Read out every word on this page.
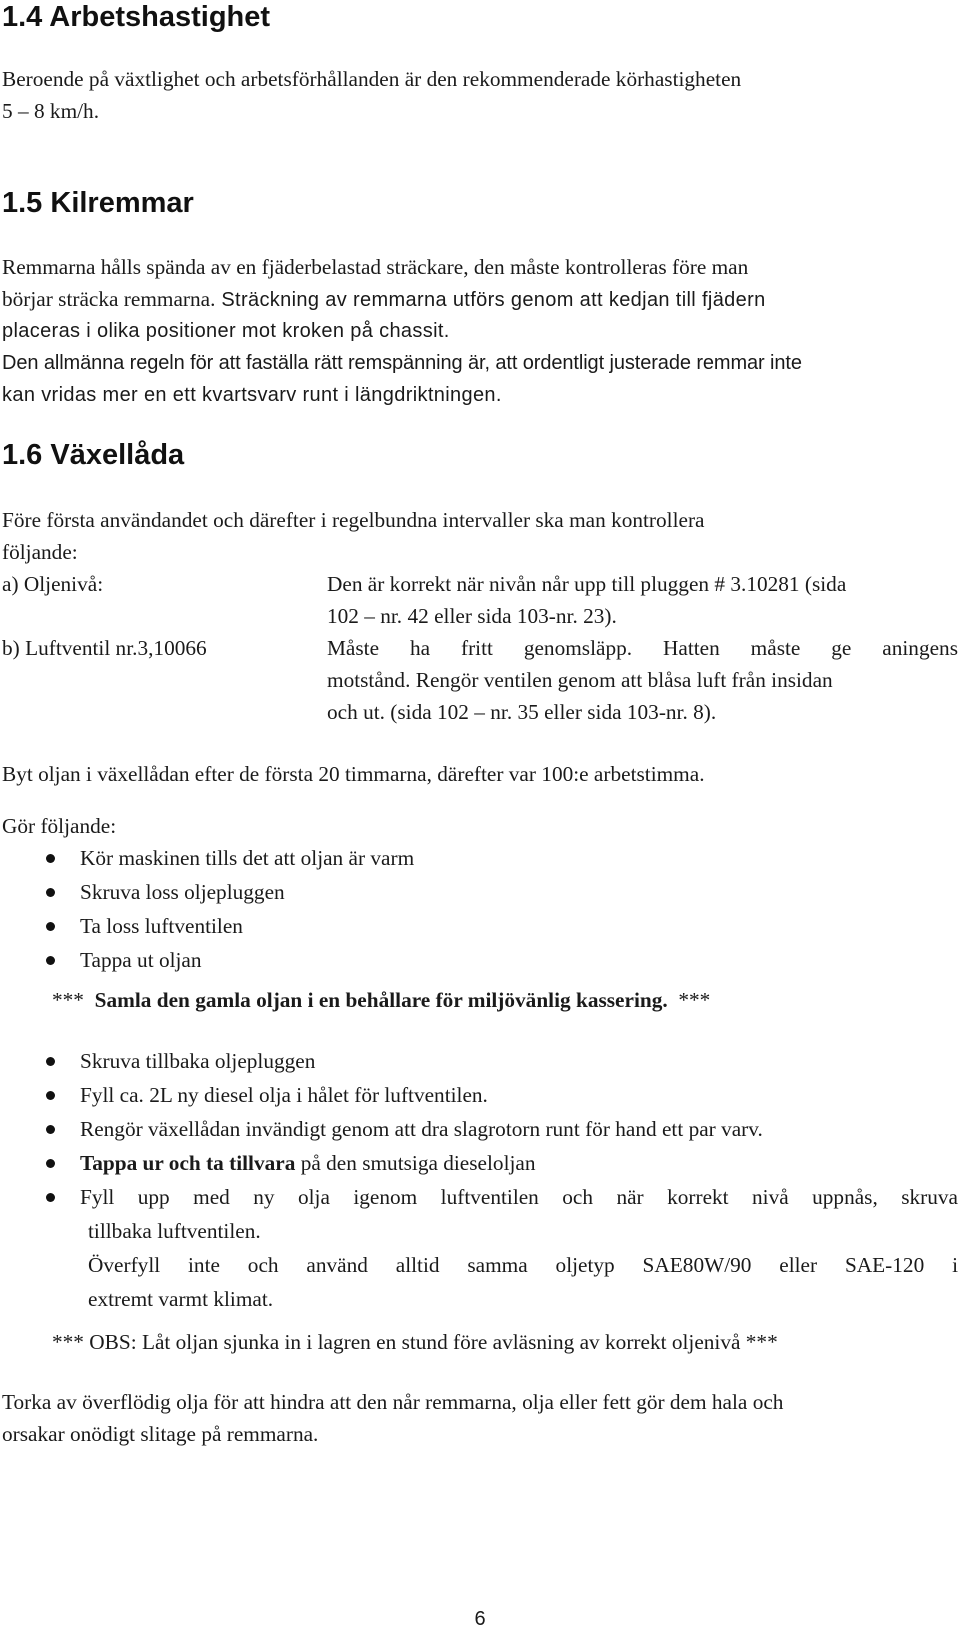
1.4 Arbetshastighet

Beroende på växtlighet och arbetsförhållanden är den rekommenderade körhastigheten

5 – 8 km/h.

1.5 Kilremmar

Remmarna hålls spända av en fjäderbelastad sträckare, den måste kontrolleras före man

börjar sträcka remmarna. Sträckning av remmarna utförs genom att kedjan till fjädern

placeras i olika positioner mot kroken på chassit.

Den allmänna regeln för att faställa rätt remspänning är, att ordentligt justerade remmar inte

kan vridas mer en ett kvartsvarv runt i längdriktningen.

1.6 Växellåda

Före första användandet och därefter i regelbundna intervaller ska man kontrollera

följande:

a) Oljenivå:	Den är korrekt när nivån når upp till pluggen # 3.10281 (sida

102 – nr. 42 eller sida 103-nr. 23).

b) Luftventil nr.3,10066	Måste ha fritt genomsläpp. Hatten måste ge aningens

motstånd. Rengör ventilen genom att blåsa luft från insidan

och ut. (sida 102 – nr. 35 eller sida 103-nr. 8).

Byt oljan i växellådan efter de första 20 timmarna, därefter var 100:e arbetstimma.

Gör följande:

Kör maskinen tills det att oljan är varm
Skruva loss oljepluggen
Ta loss luftventilen
Tappa ut oljan

*** Samla den gamla oljan i en behållare för miljövänlig kassering. ***

Skruva tillbaka oljepluggen
Fyll ca. 2L ny diesel olja i hålet för luftventilen.
Rengör växellådan invändigt genom att dra slagrotorn runt för hand ett par varv.
Tappa ur och ta tillvara på den smutsiga dieseloljan
Fyll upp med ny olja igenom luftventilen och när korrekt nivå uppnås, skruva
tillbaka luftventilen.
Överfyll inte och använd alltid samma oljetyp SAE80W/90 eller SAE-120 i
extremt varmt klimat.

*** OBS: Låt oljan sjunka in i lagren en stund före avläsning av korrekt oljenivå ***

Torka av överflödig olja för att hindra att den når remmarna, olja eller fett gör dem hala och

orsakar onödigt slitage på remmarna.

6
